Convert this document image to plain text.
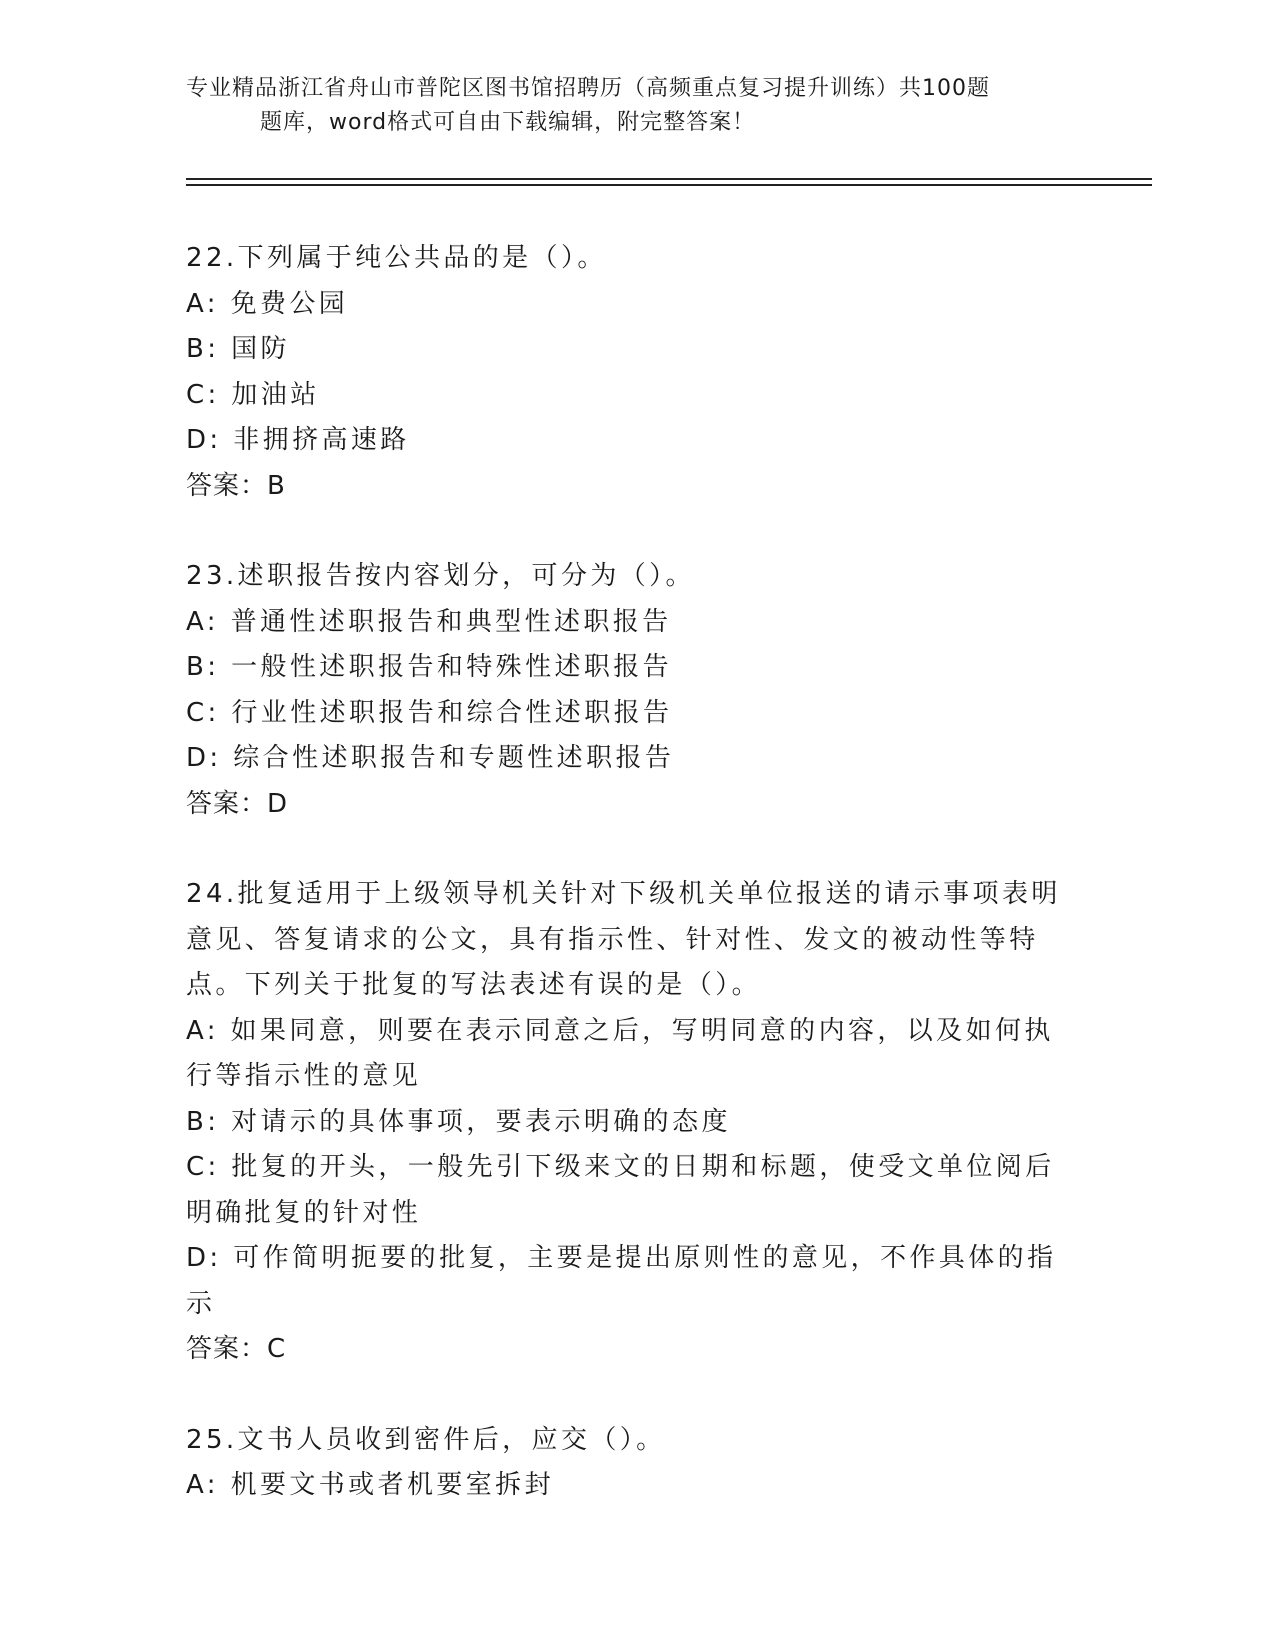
专业精品浙江省舟山市普陀区图书馆招聘历（高频重点复习提升训练）共100题
题库，word格式可自由下载编辑，附完整答案！
22.下列属于纯公共品的是（）。
A: 免费公园
B: 国防
C: 加油站
D: 非拥挤高速路
答案：B
23.述职报告按内容划分，可分为（）。
A: 普通性述职报告和典型性述职报告
B: 一般性述职报告和特殊性述职报告
C: 行业性述职报告和综合性述职报告
D: 综合性述职报告和专题性述职报告
答案：D
24.批复适用于上级领导机关针对下级机关单位报送的请示事项表明意见、答复请求的公文，具有指示性、针对性、发文的被动性等特点。下列关于批复的写法表述有误的是（）。
A: 如果同意，则要在表示同意之后，写明同意的内容，以及如何执行等指示性的意见
B: 对请示的具体事项，要表示明确的态度
C: 批复的开头，一般先引下级来文的日期和标题，使受文单位阅后明确批复的针对性
D: 可作简明扼要的批复，主要是提出原则性的意见，不作具体的指示
答案：C
25.文书人员收到密件后，应交（）。
A: 机要文书或者机要室拆封
